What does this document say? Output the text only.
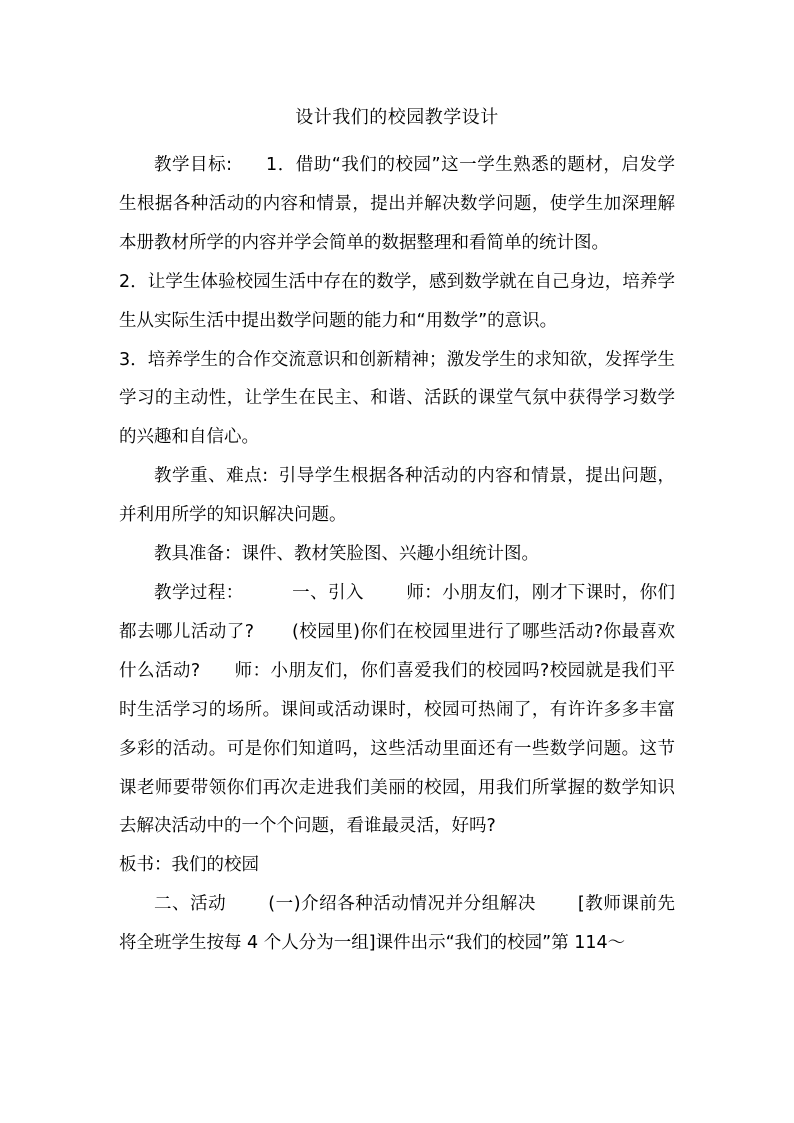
设计我们的校园教学设计

教学目标: 1．借助“我们的校园”这一学生熟悉的题材，启发学生根据各种活动的内容和情景，提出并解决数学问题，使学生加深理解本册教材所学的内容并学会简单的数据整理和看简单的统计图。

2．让学生体验校园生活中存在的数学，感到数学就在自己身边，培养学生从实际生活中提出数学问题的能力和“用数学”的意识。

3．培养学生的合作交流意识和创新精神；激发学生的求知欲，发挥学生学习的主动性，让学生在民主、和谐、活跃的课堂气氛中获得学习数学的兴趣和自信心。

教学重、难点: 引导学生根据各种活动的内容和情景，提出问题，并利用所学的知识解决问题。

教具准备：课件、教材笑脸图、兴趣小组统计图。

教学过程：	一、引入 师：小朋友们，刚才下课时，你们都去哪儿活动了? (校园里)你们在校园里进行了哪些活动?你最喜欢什么活动? 师：小朋友们，你们喜爱我们的校园吗?校园就是我们平时生活学习的场所。课间或活动课时，校园可热闹了，有许许多多丰富多彩的活动。可是你们知道吗，这些活动里面还有一些数学问题。这节课老师要带领你们再次走进我们美丽的校园，用我们所掌握的数学知识去解决活动中的一个个问题，看谁最灵活，好吗?

板书：我们的校园

二、活动 (一)介绍各种活动情况并分组解决 [教师课前先将全班学生按每 4 个人分为一组]课件出示“我们的校园”第 114～
